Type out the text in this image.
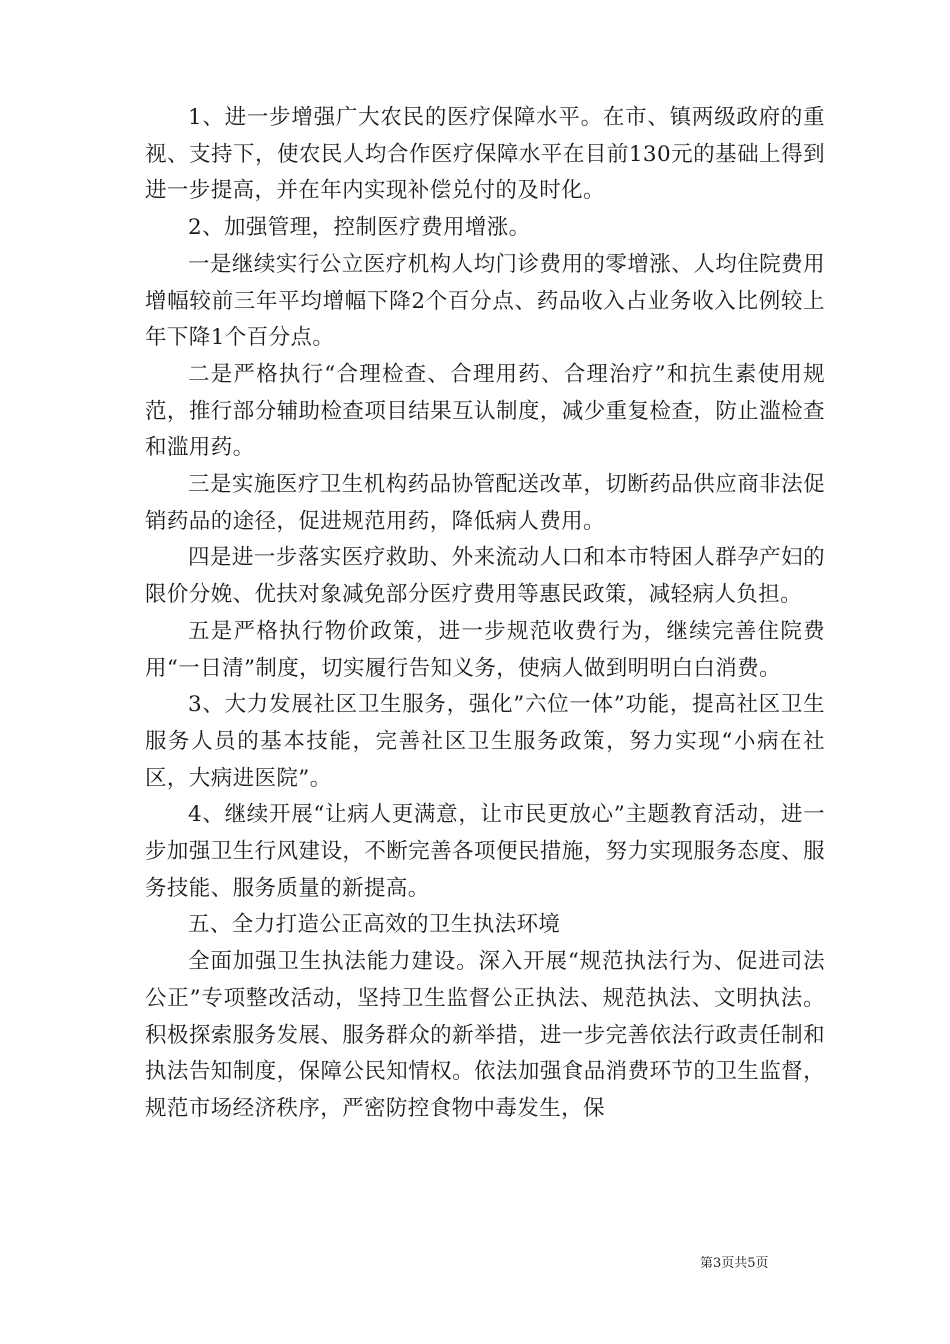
1、进一步增强广大农民的医疗保障水平。在市、镇两级政府的重视、支持下，使农民人均合作医疗保障水平在目前130元的基础上得到进一步提高，并在年内实现补偿兑付的及时化。

2、加强管理，控制医疗费用增涨。

一是继续实行公立医疗机构人均门诊费用的零增涨、人均住院费用增幅较前三年平均增幅下降2个百分点、药品收入占业务收入比例较上年下降1个百分点。

二是严格执行“合理检查、合理用药、合理治疗”和抗生素使用规范，推行部分辅助检查项目结果互认制度，减少重复检查，防止滥检查和滥用药。

三是实施医疗卫生机构药品协管配送改革，切断药品供应商非法促销药品的途径，促进规范用药，降低病人费用。

四是进一步落实医疗救助、外来流动人口和本市特困人群孕产妇的限价分娩、优扶对象减免部分医疗费用等惠民政策，减轻病人负担。

五是严格执行物价政策，进一步规范收费行为，继续完善住院费用“一日清”制度，切实履行告知义务，使病人做到明明白白消费。

3、大力发展社区卫生服务，强化”六位一体”功能，提高社区卫生服务人员的基本技能，完善社区卫生服务政策，努力实现“小病在社区，大病进医院”。

4、继续开展“让病人更满意，让市民更放心”主题教育活动，进一步加强卫生行风建设，不断完善各项便民措施，努力实现服务态度、服务技能、服务质量的新提高。

五、全力打造公正高效的卫生执法环境

全面加强卫生执法能力建设。深入开展“规范执法行为、促进司法公正”专项整改活动，坚持卫生监督公正执法、规范执法、文明执法。积极探索服务发展、服务群众的新举措，进一步完善依法行政责任制和执法告知制度，保障公民知情权。依法加强食品消费环节的卫生监督，规范市场经济秩序，严密防控食物中毒发生，保

第3页共5页
